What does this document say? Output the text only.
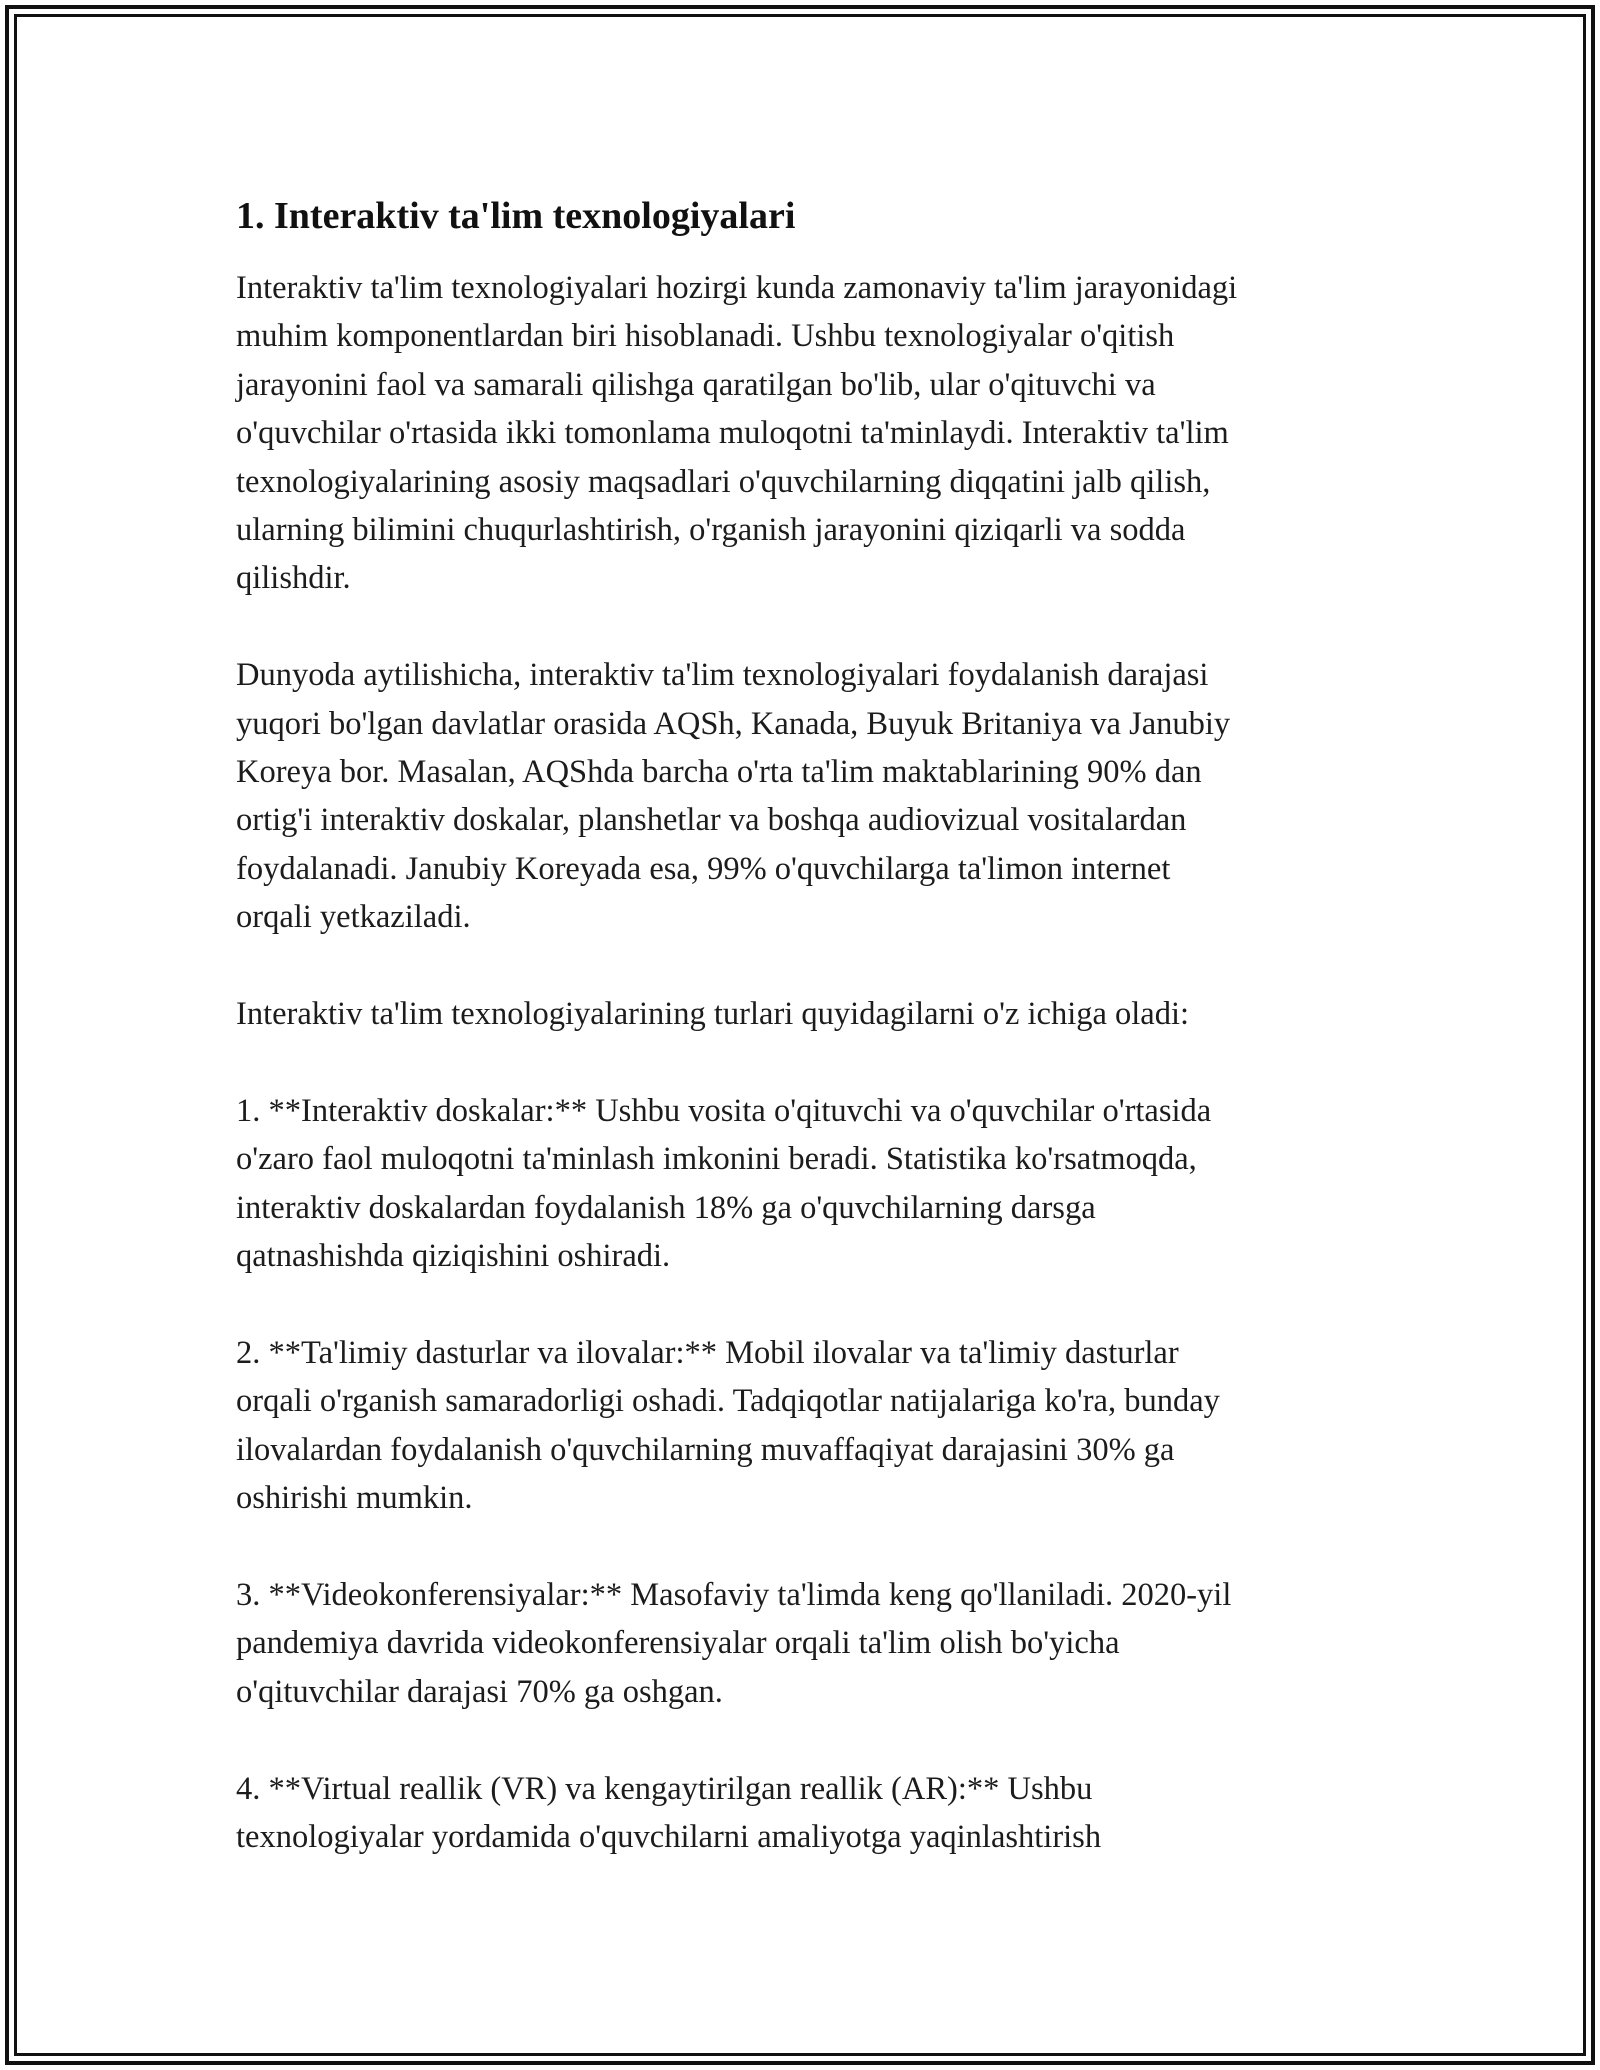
1. Interaktiv ta'lim texnologiyalari

Interaktiv ta'lim texnologiyalari hozirgi kunda zamonaviy ta'lim jarayonidagi
muhim komponentlardan biri hisoblanadi. Ushbu texnologiyalar o'qitish
jarayonini faol va samarali qilishga qaratilgan bo'lib, ular o'qituvchi va
o'quvchilar o'rtasida ikki tomonlama muloqotni ta'minlaydi. Interaktiv ta'lim
texnologiyalarining asosiy maqsadlari o'quvchilarning diqqatini jalb qilish,
ularning bilimini chuqurlashtirish, o'rganish jarayonini qiziqarli va sodda
qilishdir.

Dunyoda aytilishicha, interaktiv ta'lim texnologiyalari foydalanish darajasi
yuqori bo'lgan davlatlar orasida AQSh, Kanada, Buyuk Britaniya va Janubiy
Koreya bor. Masalan, AQShda barcha o'rta ta'lim maktablarining 90% dan
ortig'i interaktiv doskalar, planshetlar va boshqa audiovizual vositalardan
foydalanadi. Janubiy Koreyada esa, 99% o'quvchilarga ta'limon internet
orqali yetkaziladi.

Interaktiv ta'lim texnologiyalarining turlari quyidagilarni o'z ichiga oladi:

1. **Interaktiv doskalar:** Ushbu vosita o'qituvchi va o'quvchilar o'rtasida
o'zaro faol muloqotni ta'minlash imkonini beradi. Statistika ko'rsatmoqda,
interaktiv doskalardan foydalanish 18% ga o'quvchilarning darsga
qatnashishda qiziqishini oshiradi.

2. **Ta'limiy dasturlar va ilovalar:** Mobil ilovalar va ta'limiy dasturlar
orqali o'rganish samaradorligi oshadi. Tadqiqotlar natijalariga ko'ra, bunday
ilovalardan foydalanish o'quvchilarning muvaffaqiyat darajasini 30% ga
oshirishi mumkin.

3. **Videokonferensiyalar:** Masofaviy ta'limda keng qo'llaniladi. 2020-yil
pandemiya davrida videokonferensiyalar orqali ta'lim olish bo'yicha
o'qituvchilar darajasi 70% ga oshgan.

4. **Virtual reallik (VR) va kengaytirilgan reallik (AR):** Ushbu
texnologiyalar yordamida o'quvchilarni amaliyotga yaqinlashtirish
